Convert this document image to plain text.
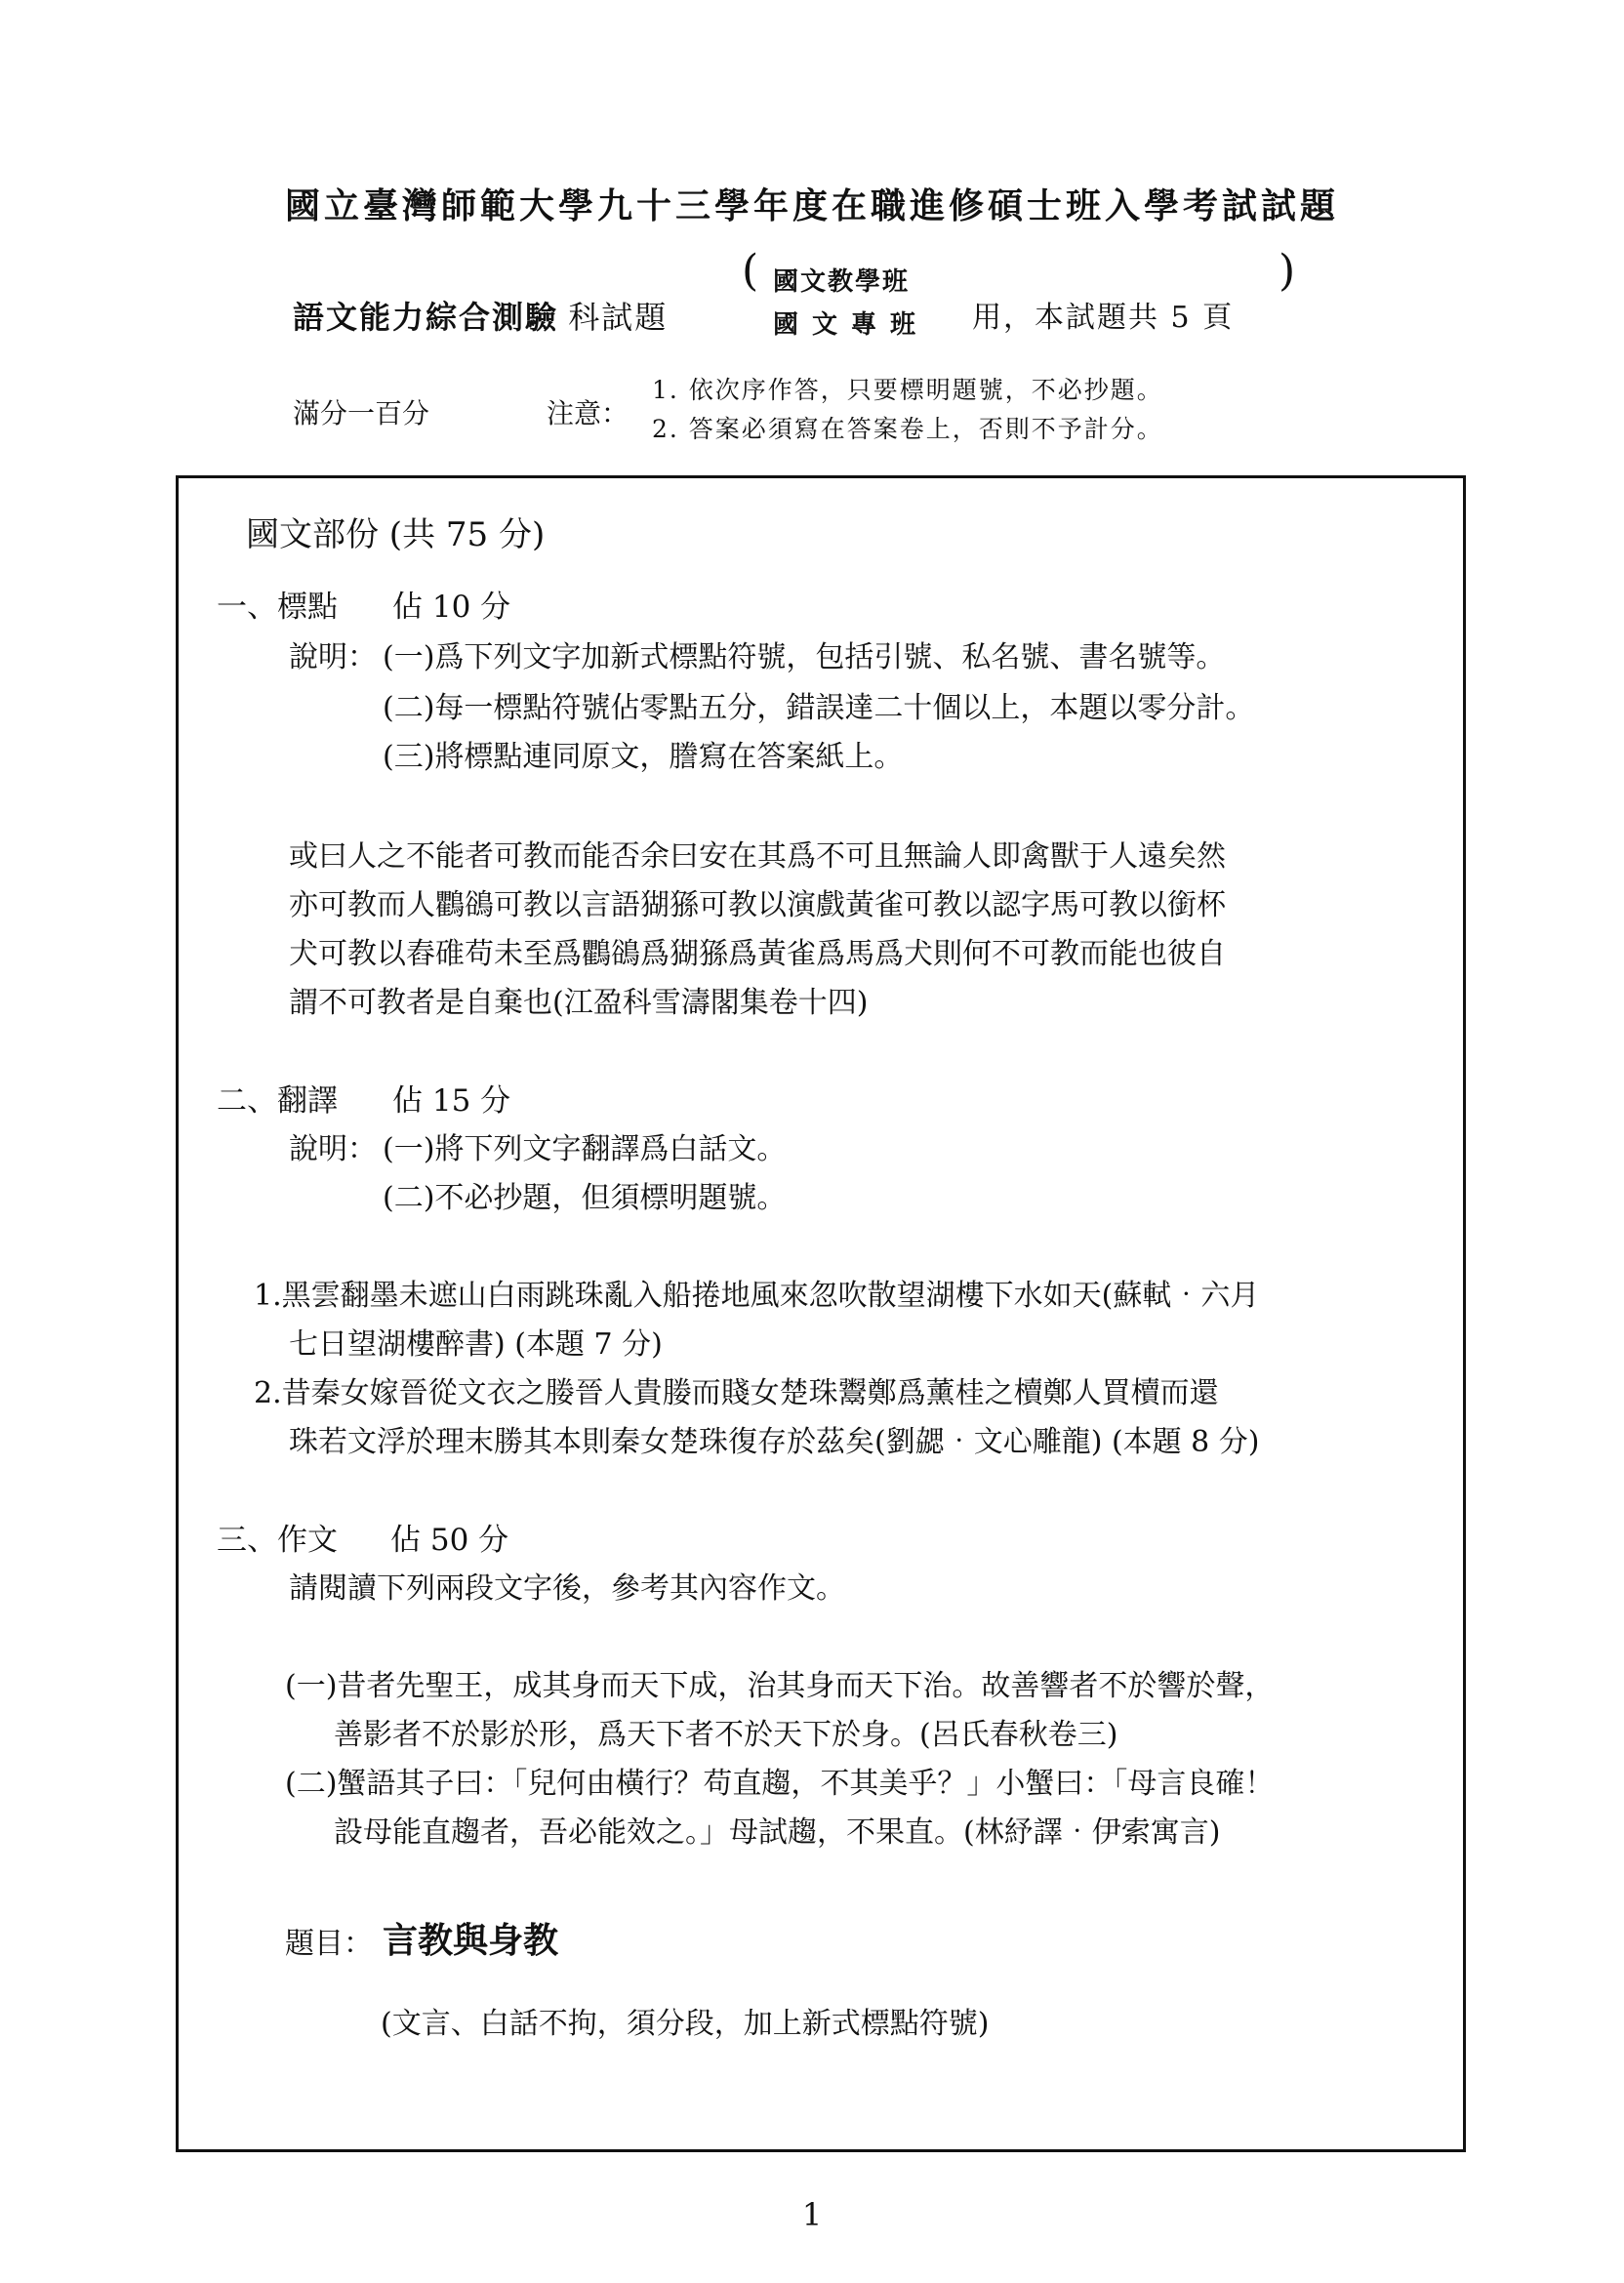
國立臺灣師範大學九十三學年度在職進修碩士班入學考試試題
語文能力綜合測驗 科試題
( 國文教學班
國文專班 用，本試題共 5 頁
)
滿分一百分	注意：
1. 依次序作答，只要標明題號，不必抄題。
2. 答案必須寫在答案卷上，否則不予計分。
國文部份 (共 75 分)
一、標點 佔 10 分
說明： (一)爲下列文字加新式標點符號，包括引號、私名號、書名號等。
(二)每一標點符號佔零點五分，錯誤達二十個以上，本題以零分計。
(三)將標點連同原文，謄寫在答案紙上。
或曰人之不能者可教而能否余曰安在其爲不可且無論人即禽獸于人遠矣然
亦可教而人鸜鵒可教以言語猢猻可教以演戲黃雀可教以認字馬可教以銜杯
犬可教以舂碓苟未至爲鸜鵒爲猢猻爲黃雀爲馬爲犬則何不可教而能也彼自
謂不可教者是自棄也(江盈科雪濤閣集卷十四)
二、翻譯 佔 15 分
說明： (一)將下列文字翻譯爲白話文。
(二)不必抄題，但須標明題號。
1.黑雲翻墨未遮山白雨跳珠亂入船捲地風來忽吹散望湖樓下水如天(蘇軾‧六月
七日望湖樓醉書) (本題 7 分)
2.昔秦女嫁晉從文衣之媵晉人貴媵而賤女楚珠鬻鄭爲薰桂之櫝鄭人買櫝而還
珠若文浮於理末勝其本則秦女楚珠復存於茲矣(劉勰‧文心雕龍) (本題 8 分)
三、作文 佔 50 分
請閱讀下列兩段文字後，參考其內容作文。
(一)昔者先聖王，成其身而天下成，治其身而天下治。故善響者不於響於聲，
善影者不於影於形，爲天下者不於天下於身。(呂氏春秋卷三)
(二)蟹語其子曰：「兒何由橫行？苟直趨，不其美乎？」小蟹曰：「母言良確！
設母能直趨者，吾必能效之。」母試趨，不果直。(林紓譯‧伊索寓言)
題目： 言教與身教
(文言、白話不拘，須分段，加上新式標點符號)
1
